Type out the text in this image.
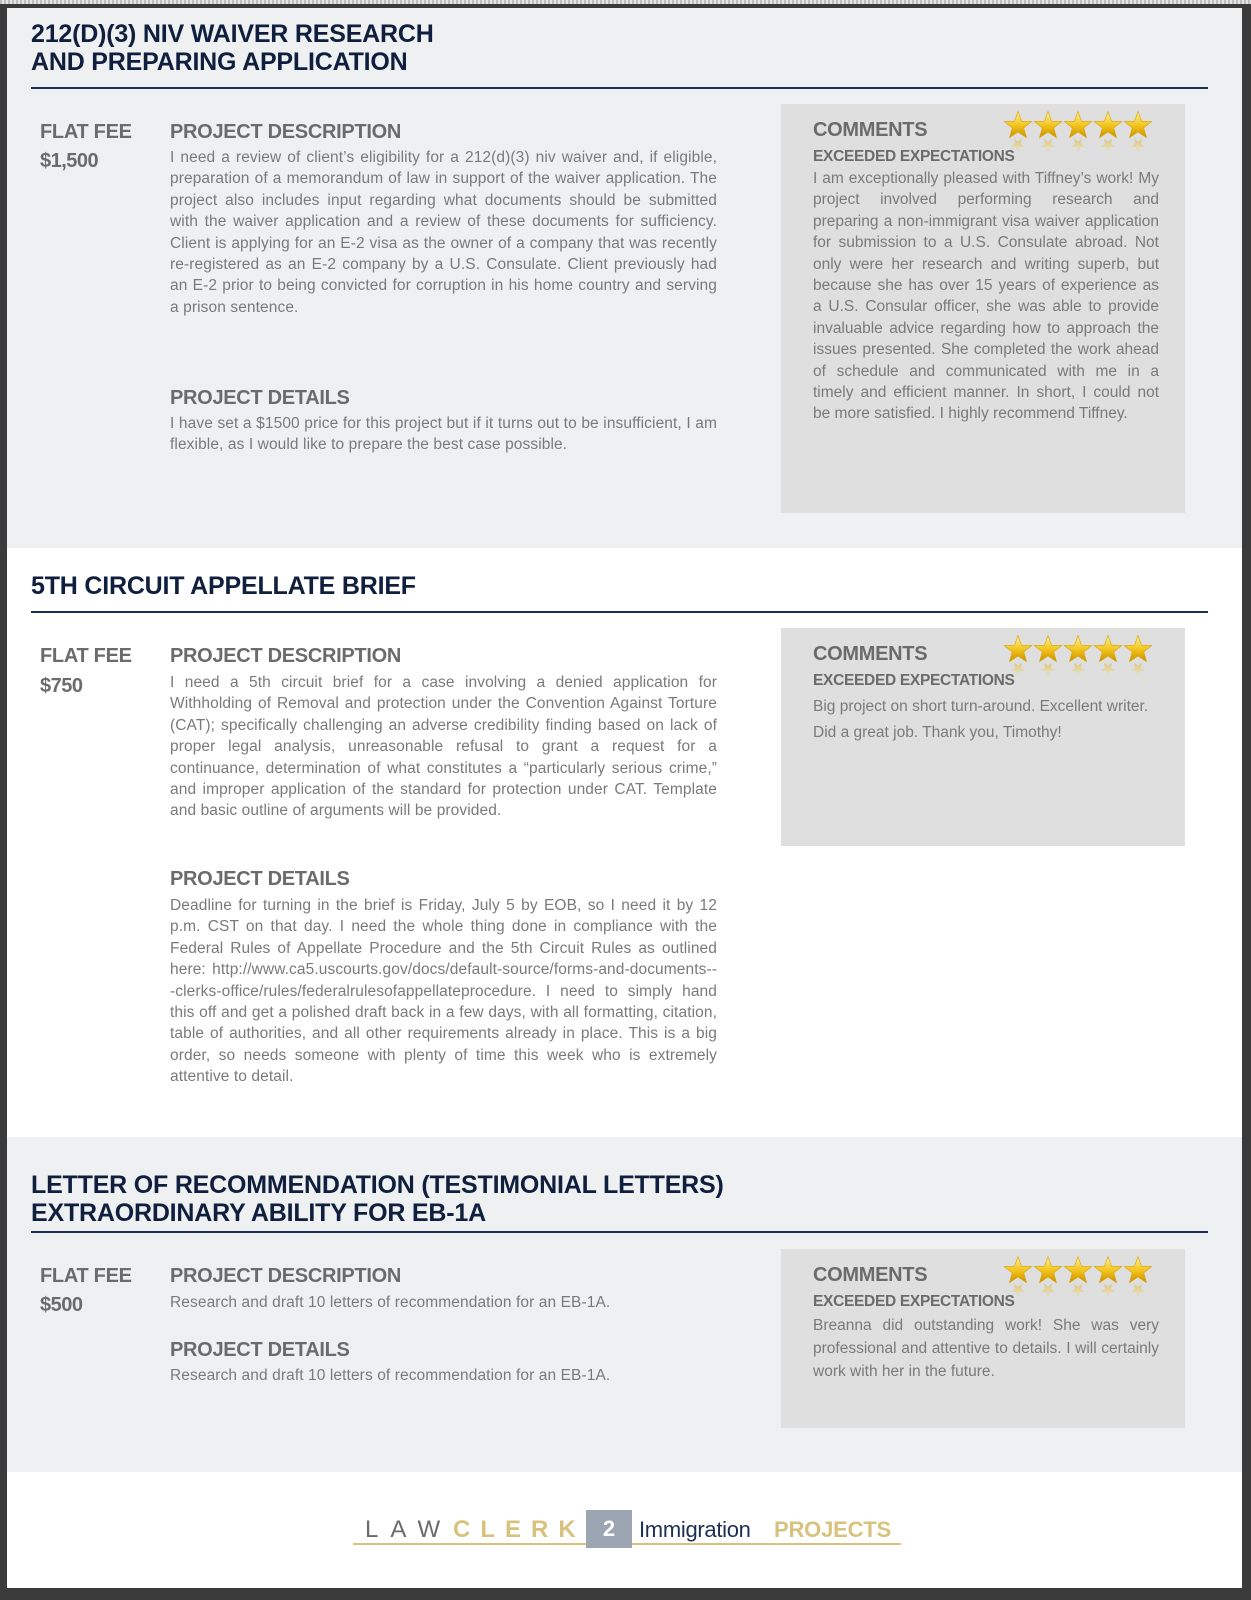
212(D)(3) NIV WAIVER RESEARCH
AND PREPARING APPLICATION
FLAT FEE
$1,500
PROJECT DESCRIPTION
I need a review of client’s eligibility for a 212(d)(3) niv waiver and, if eligible, preparation of a memorandum of law in support of the waiver application. The project also includes input regarding what documents should be submitted with the waiver application and a review of these documents for sufficiency. Client is applying for an E-2 visa as the owner of a company that was recently re-registered as an E-2 company by a U.S. Consulate. Client previously had an E-2 prior to being convicted for corruption in his home country and serving a prison sentence.
PROJECT DETAILS
I have set a $1500 price for this project but if it turns out to be insufficient, I am flexible, as I would like to prepare the best case possible.
COMMENTS
EXCEEDED EXPECTATIONS
I am exceptionally pleased with Tiffney’s work! My project involved performing research and preparing a non-immigrant visa waiver application for submission to a U.S. Consulate abroad. Not only were her research and writing superb, but because she has over 15 years of experience as a U.S. Consular officer, she was able to provide invaluable advice regarding how to approach the issues presented. She completed the work ahead of schedule and communicated with me in a timely and efficient manner. In short, I could not be more satisfied. I highly recommend Tiffney.
5TH CIRCUIT APPELLATE BRIEF
FLAT FEE
$750
PROJECT DESCRIPTION
I need a 5th circuit brief for a case involving a denied application for Withholding of Removal and protection under the Convention Against Torture (CAT); specifically challenging an adverse credibility finding based on lack of proper legal analysis, unreasonable refusal to grant a request for a continuance, determination of what constitutes a “particularly serious crime,” and improper application of the standard for protection under CAT. Template and basic outline of arguments will be provided.
PROJECT DETAILS
Deadline for turning in the brief is Friday, July 5 by EOB, so I need it by 12 p.m. CST on that day. I need the whole thing done in compliance with the Federal Rules of Appellate Procedure and the 5th Circuit Rules as outlined here: http://www.ca5.uscourts.gov/docs/default-source/forms-and-documents---clerks-office/rules/federalrulesofappellateprocedure. I need to simply hand this off and get a polished draft back in a few days, with all formatting, citation, table of authorities, and all other requirements already in place. This is a big order, so needs someone with plenty of time this week who is extremely attentive to detail.
COMMENTS
EXCEEDED EXPECTATIONS
Big project on short turn-around. Excellent writer. Did a great job. Thank you, Timothy!
LETTER OF RECOMMENDATION (TESTIMONIAL LETTERS)
EXTRAORDINARY ABILITY FOR EB-1A
FLAT FEE
$500
PROJECT DESCRIPTION
Research and draft 10 letters of recommendation for an EB-1A.
PROJECT DETAILS
Research and draft 10 letters of recommendation for an EB-1A.
COMMENTS
EXCEEDED EXPECTATIONS
Breanna did outstanding work! She was very professional and attentive to details. I will certainly work with her in the future.
LAW CLERK 2	Immigration PROJECTS
